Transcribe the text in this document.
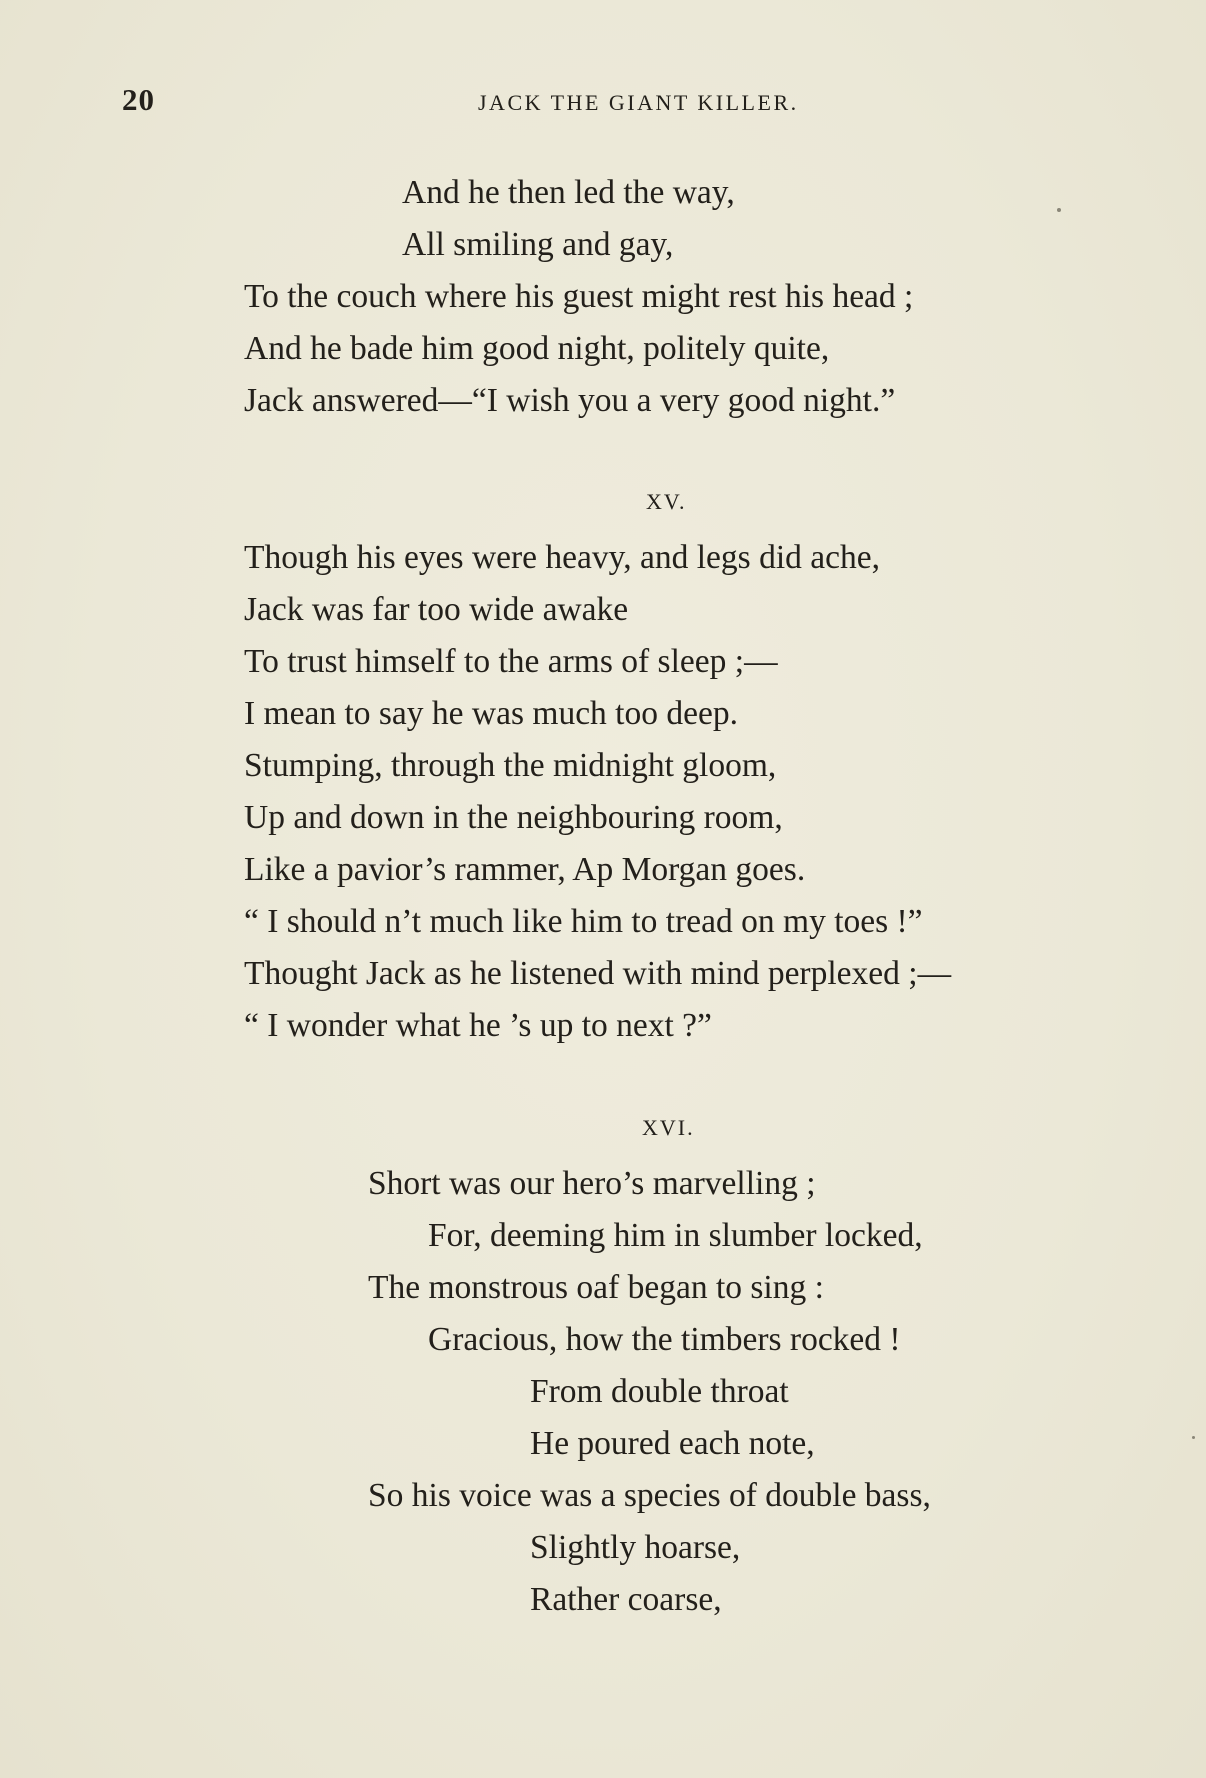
20	JACK THE GIANT KILLER.
And he then led the way,
All smiling and gay,
To the couch where his guest might rest his head ;
And he bade him good night, politely quite,
Jack answered—“I wish you a very good night.”
XV.
Though his eyes were heavy, and legs did ache,
Jack was far too wide awake
To trust himself to the arms of sleep ;—
I mean to say he was much too deep.
Stumping, through the midnight gloom,
Up and down in the neighbouring room,
Like a pavior’s rammer, Ap Morgan goes.
“ I should n’t much like him to tread on my toes !”
Thought Jack as he listened with mind perplexed ;—
“ I wonder what he ’s up to next ?”
XVI.
Short was our hero’s marvelling ;
For, deeming him in slumber locked,
The monstrous oaf began to sing :
Gracious, how the timbers rocked !
From double throat
He poured each note,
So his voice was a species of double bass,
Slightly hoarse,
Rather coarse,
